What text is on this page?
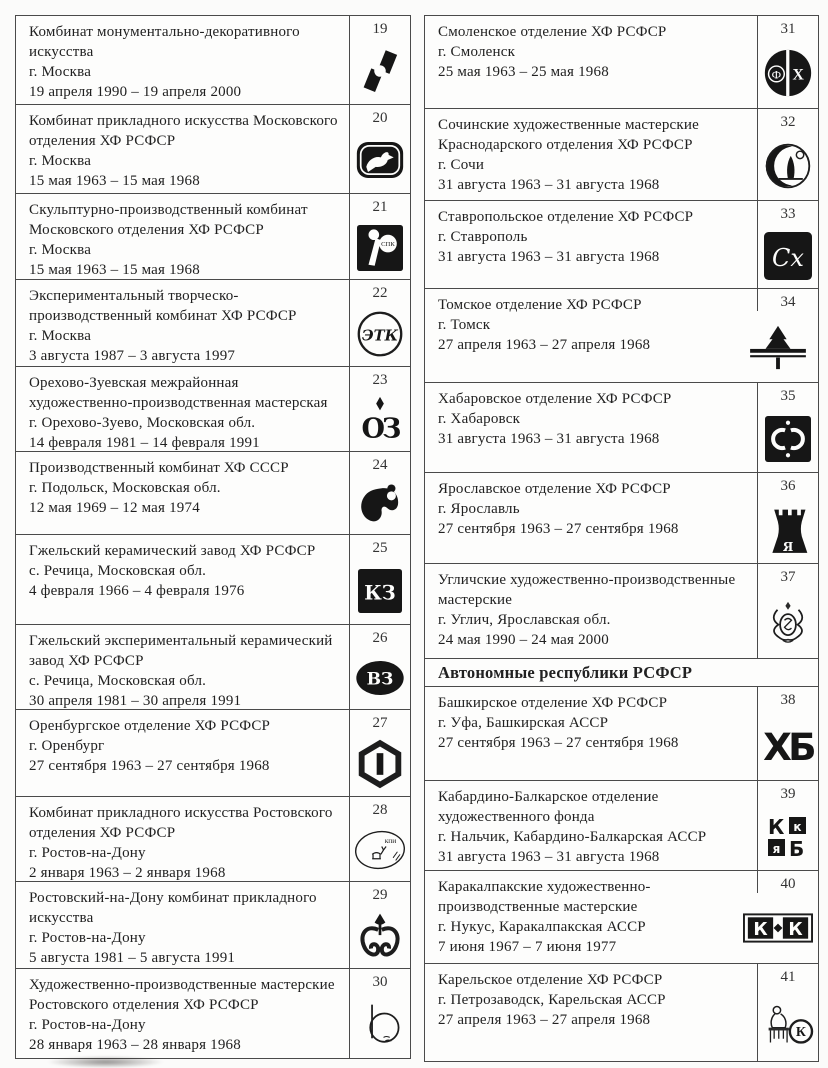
Комбинат монументально-декоративного искусства
г. Москва
19 апреля 1990 – 19 апреля 2000
19
Комбинат прикладного искусства Московского отделения ХФ РСФСР
г. Москва
15 мая 1963 – 15 мая 1968
20
Скульптурно-производственный комбинат Московского отделения ХФ РСФСР
г. Москва
15 мая 1963 – 15 мая 1968
21
СПК
Экспериментальный творческо-производственный комбинат ХФ РСФСР
г. Москва
3 августа 1987 – 3 августа 1997
ЭТК
22
Орехово-Зуевская межрайонная художественно-производственная мастерская
г. Орехово-Зуево, Московская обл.
14 февраля 1981 – 14 февраля 1991
23
ОЗ
Производственный комбинат ХФ СССР
г. Подольск, Московская обл.
12 мая 1969 – 12 мая 1974
24
Гжельский керамический завод ХФ РСФСР
с. Речица, Московская обл.
4 февраля 1966 – 4 февраля 1976
25
КЗ
Гжельский экспериментальный керамический завод ХФ РСФСР
с. Речица, Московская обл.
30 апреля 1981 – 30 апреля 1991
26
ВЗ
Оренбургское отделение ХФ РСФСР
г. Оренбург
27 сентября 1963 – 27 сентября 1968
27
Комбинат прикладного искусства Ростовского отделения ХФ РСФСР
г. Ростов-на-Дону
2 января 1963 – 2 января 1968
28
кпи
Ростовский-на-Дону комбинат прикладного искусства
г. Ростов-на-Дону
5 августа 1981 – 5 августа 1991
29
Художественно-производственные мастерские Ростовского отделения ХФ РСФСР
г. Ростов-на-Дону
28 января 1963 – 28 января 1968
30
Смоленское отделение ХФ РСФСР
г. Смоленск
25 мая 1963 – 25 мая 1968
31
Ф Х
Сочинские художественные мастерские Краснодарского отделения ХФ РСФСР
г. Сочи
31 августа 1963 – 31 августа 1968
32
Ставропольское отделение ХФ РСФСР
г. Ставрополь
31 августа 1963 – 31 августа 1968
33
Сх
Томское отделение ХФ РСФСР
г. Томск
27 апреля 1963 – 27 апреля 1968
34
Хабаровское отделение ХФ РСФСР
г. Хабаровск
31 августа 1963 – 31 августа 1968
35
Ярославское отделение ХФ РСФСР
г. Ярославль
27 сентября 1963 – 27 сентября 1968
36
Я
Угличские художественно-производственные мастерские
г. Углич, Ярославская обл.
24 мая 1990 – 24 мая 2000
37
Автономные республики РСФСР
Башкирское отделение ХФ РСФСР
г. Уфа, Башкирская АССР
27 сентября 1963 – 27 сентября 1968
38
ХБ
Кабардино-Балкарское отделение художественного фонда
г. Нальчик, Кабардино-Балкарская АССР
31 августа 1963 – 31 августа 1968
39
К к
я Б
Каракалпакские художественно-производственные мастерские
г. Нукус, Каракалпакская АССР
7 июня 1967 – 7 июня 1977
40
К К
Карельское отделение ХФ РСФСР
г. Петрозаводск, Карельская АССР
27 апреля 1963 – 27 апреля 1968
41
К
